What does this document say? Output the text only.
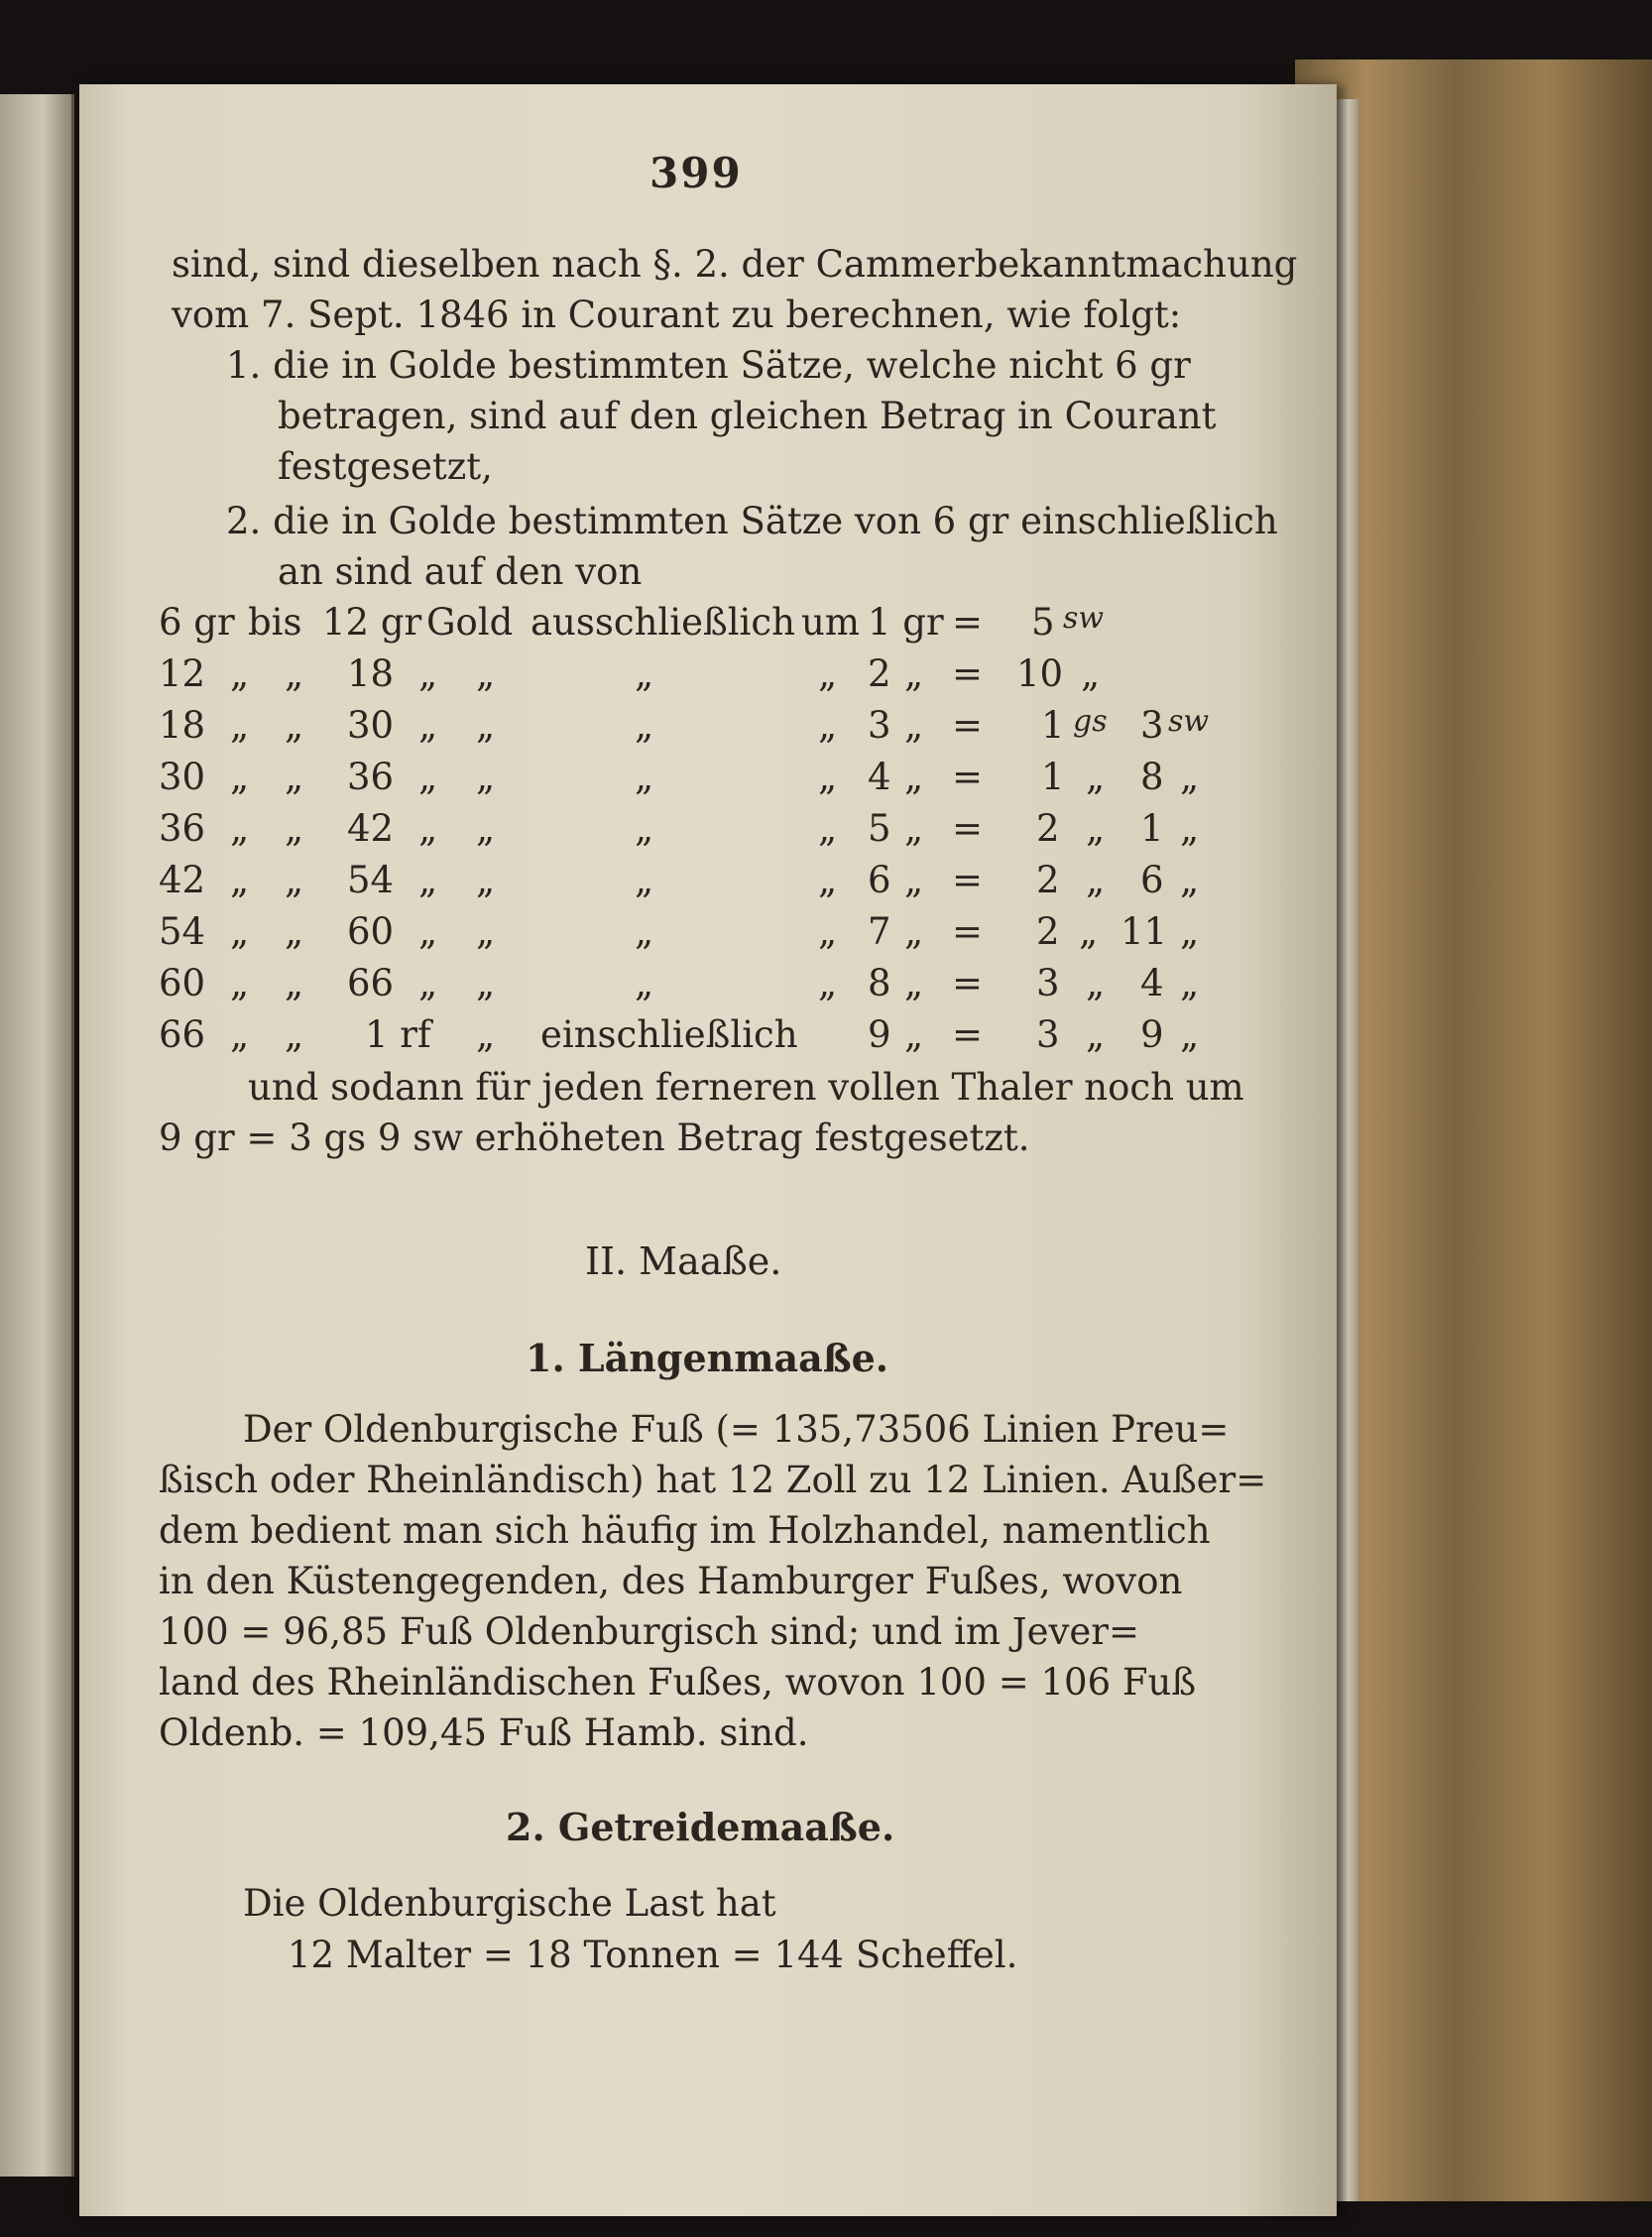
399
sind, sind dieselben nach §. 2. der Cammerbekanntmachung
vom 7. Sept. 1846 in Courant zu berechnen, wie folgt:
1. die in Golde bestimmten Sätze, welche nicht 6 gr
betragen, sind auf den gleichen Betrag in Courant
festgesetzt,
2. die in Golde bestimmten Sätze von 6 gr einschließlich
an sind auf den von
6 gr bis 12 gr Gold ausschließlich um 1 gr = 5 sw
12 „ „ 18 „ „	„	„ 2 „ = 10 „
18 „ „ 30 „ „	„	„ 3 „ = 1 gs 3 sw
30 „ „ 36 „ „	„	„ 4 „ = 1 „ 8 „
36 „ „ 42 „ „	„	„ 5 „ = 2 „ 1 „
42 „ „ 54 „ „	„	„ 6 „ = 2 „ 6 „
54 „ „ 60 „ „	„	„ 7 „ = 2 „ 11 „
60 „ „ 66 „ „	„	„ 8 „ = 3 „ 4 „
66 „ „ 1 rf „ einschließlich 9 „ = 3 „ 9 „
und sodann für jeden ferneren vollen Thaler noch um
9 gr = 3 gs 9 sw erhöheten Betrag festgesetzt.
II. Maaße.
1. Längenmaaße.
Der Oldenburgische Fuß (= 135,73506 Linien Preu=
ßisch oder Rheinländisch) hat 12 Zoll zu 12 Linien. Außer=
dem bedient man sich häufig im Holzhandel, namentlich
in den Küstengegenden, des Hamburger Fußes, wovon
100 = 96,85 Fuß Oldenburgisch sind; und im Jever=
land des Rheinländischen Fußes, wovon 100 = 106 Fuß
Oldenb. = 109,45 Fuß Hamb. sind.
2. Getreidemaaße.
Die Oldenburgische Last hat
12 Malter = 18 Tonnen = 144 Scheffel.
